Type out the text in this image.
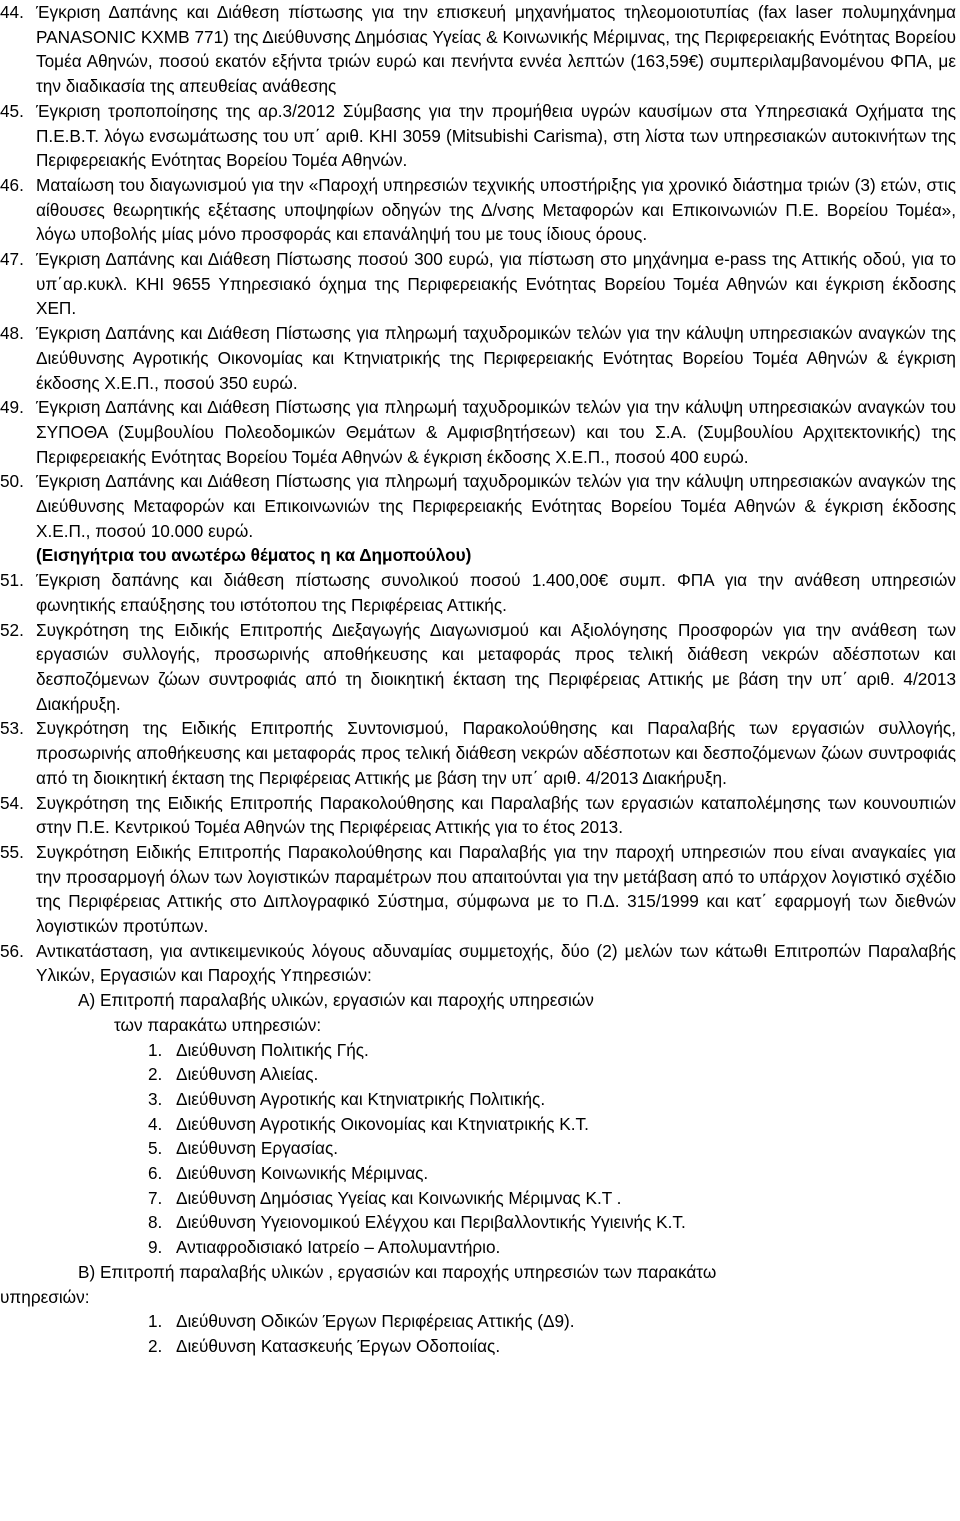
44. Έγκριση Δαπάνης και Διάθεση πίστωσης για την επισκευή μηχανήματος τηλεομοιοτυπίας (fax laser πολυμηχάνημα PANASONIC KXMB 771) της Διεύθυνσης Δημόσιας Υγείας & Κοινωνικής Μέριμνας, της Περιφερειακής Ενότητας Βορείου Τομέα Αθηνών, ποσού εκατόν εξήντα τριών ευρώ και πενήντα εννέα λεπτών (163,59€) συμπεριλαμβανομένου ΦΠΑ, με την διαδικασία της απευθείας ανάθεσης

45. Έγκριση τροποποίησης της αρ.3/2012 Σύμβασης για την προμήθεια υγρών καυσίμων στα Υπηρεσιακά Οχήματα της Π.Ε.Β.Τ. λόγω ενσωμάτωσης του υπ΄ αριθ. ΚΗΙ 3059 (Mitsubishi Carisma), στη λίστα των υπηρεσιακών αυτοκινήτων της Περιφερειακής Ενότητας Βορείου Τομέα Αθηνών.

46. Ματαίωση του διαγωνισμού για την «Παροχή υπηρεσιών τεχνικής υποστήριξης για χρονικό διάστημα τριών (3) ετών, στις αίθουσες θεωρητικής εξέτασης υποψηφίων οδηγών της Δ/νσης Μεταφορών και Επικοινωνιών Π.Ε. Βορείου Τομέα», λόγω υποβολής μίας μόνο προσφοράς και επανάληψή του με τους ίδιους όρους.

47. Έγκριση Δαπάνης και Διάθεση Πίστωσης ποσού 300 ευρώ, για πίστωση στο μηχάνημα e-pass της Αττικής οδού, για το υπ΄αρ.κυκλ. ΚΗΙ 9655 Υπηρεσιακό όχημα της Περιφερειακής Ενότητας Βορείου Τομέα Αθηνών και έγκριση έκδοσης ΧΕΠ.

48. Έγκριση Δαπάνης και Διάθεση Πίστωσης για πληρωμή ταχυδρομικών τελών για την κάλυψη υπηρεσιακών αναγκών της Διεύθυνσης Αγροτικής Οικονομίας και Κτηνιατρικής της Περιφερειακής Ενότητας Βορείου Τομέα Αθηνών & έγκριση έκδοσης Χ.Ε.Π., ποσού 350 ευρώ.

49. Έγκριση Δαπάνης και Διάθεση Πίστωσης για πληρωμή ταχυδρομικών τελών για την κάλυψη υπηρεσιακών αναγκών του ΣΥΠΟΘΑ (Συμβουλίου Πολεοδομικών Θεμάτων & Αμφισβητήσεων) και του Σ.Α. (Συμβουλίου Αρχιτεκτονικής) της Περιφερειακής Ενότητας Βορείου Τομέα Αθηνών & έγκριση έκδοσης Χ.Ε.Π., ποσού 400 ευρώ.

50. Έγκριση Δαπάνης και Διάθεση Πίστωσης για πληρωμή ταχυδρομικών τελών για την κάλυψη υπηρεσιακών αναγκών της Διεύθυνσης Μεταφορών και Επικοινωνιών της Περιφερειακής Ενότητας Βορείου Τομέα Αθηνών & έγκριση έκδοσης Χ.Ε.Π., ποσού 10.000 ευρώ.

(Εισηγήτρια του ανωτέρω θέματος η κα Δημοπούλου)

51. Έγκριση δαπάνης και διάθεση πίστωσης συνολικού ποσού 1.400,00€ συμπ. ΦΠΑ για την ανάθεση υπηρεσιών φωνητικής επαύξησης του ιστότοπου της Περιφέρειας Αττικής.

52. Συγκρότηση της Ειδικής Επιτροπής Διεξαγωγής Διαγωνισμού και Αξιολόγησης Προσφορών για την ανάθεση των εργασιών συλλογής, προσωρινής αποθήκευσης και μεταφοράς προς τελική διάθεση νεκρών αδέσποτων και δεσποζόμενων ζώων συντροφιάς από τη διοικητική έκταση της Περιφέρειας Αττικής με βάση την υπ΄ αριθ. 4/2013 Διακήρυξη.

53. Συγκρότηση της Ειδικής Επιτροπής Συντονισμού, Παρακολούθησης και Παραλαβής των εργασιών συλλογής, προσωρινής αποθήκευσης και μεταφοράς προς τελική διάθεση νεκρών αδέσποτων και δεσποζόμενων ζώων συντροφιάς από τη διοικητική έκταση της Περιφέρειας Αττικής με βάση την υπ΄ αριθ. 4/2013 Διακήρυξη.

54. Συγκρότηση της Ειδικής Επιτροπής Παρακολούθησης και Παραλαβής των εργασιών καταπολέμησης των κουνουπιών στην Π.Ε. Κεντρικού Τομέα Αθηνών της Περιφέρειας Αττικής για το έτος 2013.

55. Συγκρότηση Ειδικής Επιτροπής Παρακολούθησης και Παραλαβής για την παροχή υπηρεσιών που είναι αναγκαίες για την προσαρμογή όλων των λογιστικών παραμέτρων που απαιτούνται για την μετάβαση από το υπάρχον λογιστικό σχέδιο της Περιφέρειας Αττικής στο Διπλογραφικό Σύστημα, σύμφωνα με το Π.Δ. 315/1999 και κατ΄ εφαρμογή των διεθνών λογιστικών προτύπων.

56. Αντικατάσταση, για αντικειμενικούς λόγους αδυναμίας συμμετοχής, δύο (2) μελών των κάτωθι Επιτροπών Παραλαβής Υλικών, Εργασιών και Παροχής Υπηρεσιών:

Α) Επιτροπή παραλαβής υλικών, εργασιών και παροχής υπηρεσιών
των παρακάτω υπηρεσιών:

1. Διεύθυνση Πολιτικής Γής.
2. Διεύθυνση Αλιείας.
3. Διεύθυνση Αγροτικής και Κτηνιατρικής Πολιτικής.
4. Διεύθυνση Αγροτικής Οικονομίας και Κτηνιατρικής Κ.Τ.
5. Διεύθυνση Εργασίας.
6. Διεύθυνση Κοινωνικής Μέριμνας.
7. Διεύθυνση Δημόσιας Υγείας και Κοινωνικής Μέριμνας Κ.Τ .
8. Διεύθυνση Υγειονομικού Ελέγχου και Περιβαλλοντικής Υγιεινής Κ.Τ.
9. Αντιαφροδισιακό Ιατρείο – Απολυμαντήριο.

Β) Επιτροπή παραλαβής υλικών , εργασιών και παροχής υπηρεσιών των παρακάτω

υπηρεσιών:

1. Διεύθυνση Οδικών Έργων Περιφέρειας Αττικής (Δ9).
2. Διεύθυνση Κατασκευής Έργων Οδοποιίας.
